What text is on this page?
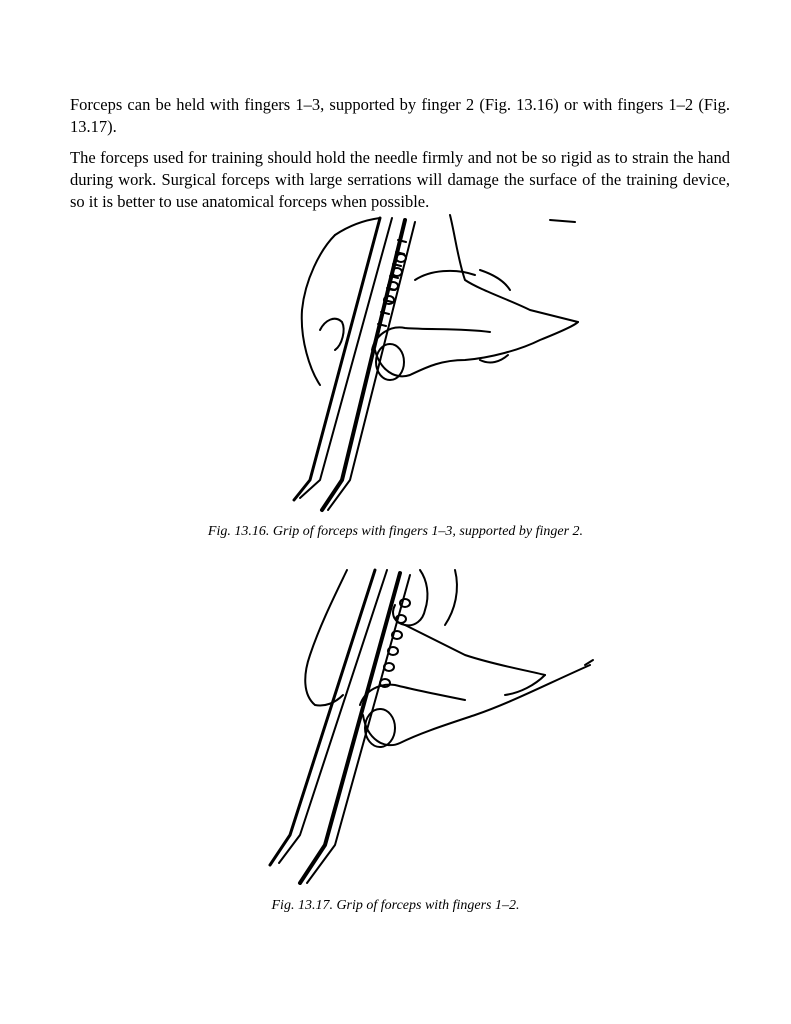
Forceps can be held with fingers 1–3, supported by finger 2 (Fig. 13.16) or with fingers 1–2 (Fig. 13.17).

The forceps used for training should hold the needle firmly and not be so rigid as to strain the hand during work. Surgical forceps with large serrations will damage the surface of the training device, so it is better to use anatomical forceps when possible.

Fig. 13.16. Grip of forceps with fingers 1–3, supported by finger 2.

Fig. 13.17. Grip of forceps with fingers 1–2.
